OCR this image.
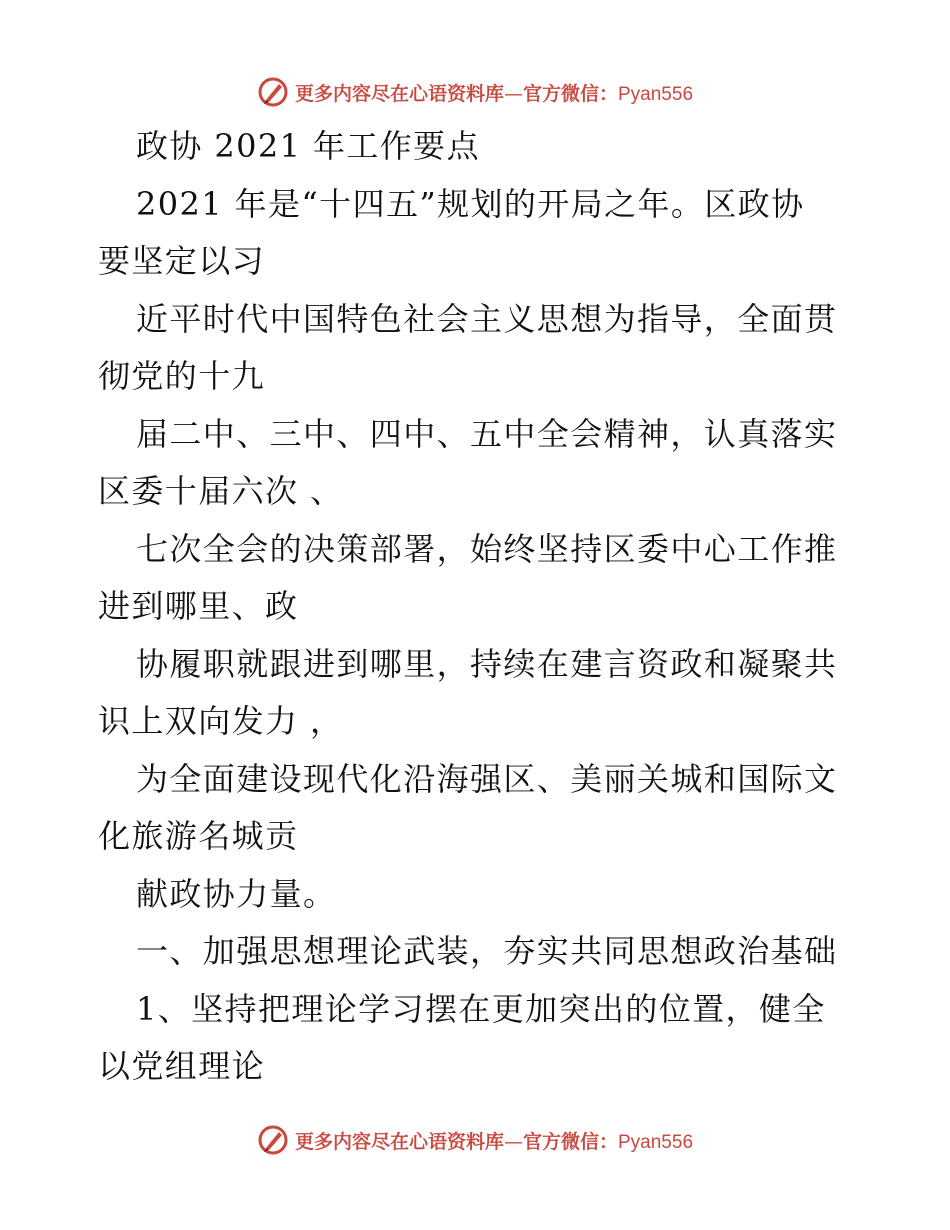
更多内容尽在心语资料库—官方微信：Pyan556
政协 2021 年工作要点
2021 年是“十四五”规划的开局之年。区政协
要坚定以习
近平时代中国特色社会主义思想为指导，全面贯
彻党的十九
届二中、三中、四中、五中全会精神，认真落实
区委十届六次 、
七次全会的决策部署，始终坚持区委中心工作推
进到哪里、政
协履职就跟进到哪里，持续在建言资政和凝聚共
识上双向发力 ，
为全面建设现代化沿海强区、美丽关城和国际文
化旅游名城贡
献政协力量。
一、加强思想理论武装，夯实共同思想政治基础
1、坚持把理论学习摆在更加突出的位置，健全
以党组理论
更多内容尽在心语资料库—官方微信：Pyan556
